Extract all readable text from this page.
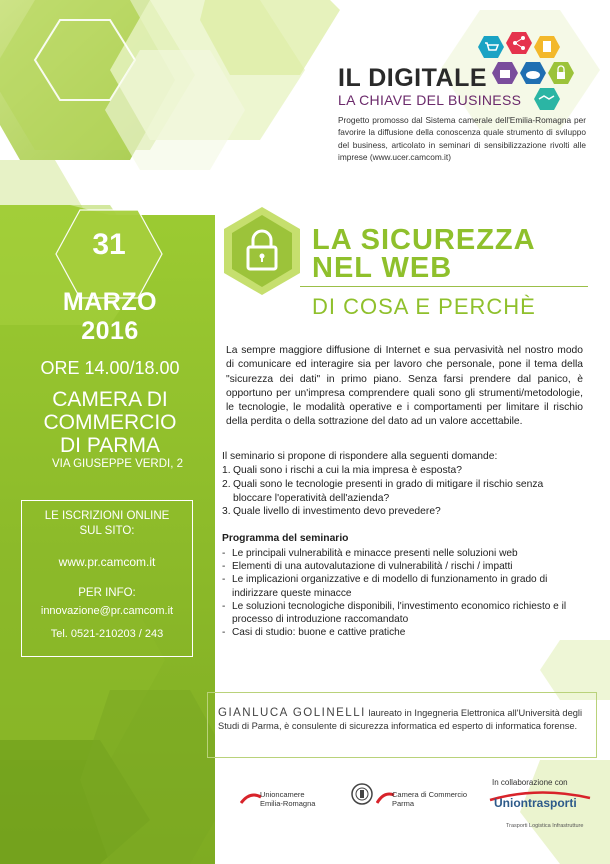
IL DIGITALE
LA CHIAVE DEL BUSINESS
Progetto promosso dal Sistema camerale dell'Emilia-Romagna per favorire la diffusione della conoscenza quale strumento di sviluppo del business, articolato in seminari di sensibilizzazione rivolti alle imprese (www.ucer.camcom.it)
LA SICUREZZA
NEL WEB
DI COSA E PERCHÈ
31
MARZO
2016
ORE 14.00/18.00
CAMERA DI
COMMERCIO
DI PARMA
VIA GIUSEPPE VERDI, 2
LE ISCRIZIONI ONLINE
SUL SITO:
www.pr.camcom.it
PER INFO:
innovazione@pr.camcom.it
Tel. 0521-210203 / 243

La sempre maggiore diffusione di Internet e sua pervasività nel nostro modo di comunicare ed interagire sia per lavoro che personale, pone il tema della "sicurezza dei dati" in primo piano. Senza farsi prendere dal panico, è opportuno per un'impresa comprendere quali sono gli strumenti/metodologie, le tecnologie, le modalità operative e i comportamenti per limitare il rischio della perdita o della sottrazione del dato ad un valore accettabile.

Il seminario si propone di rispondere alla seguenti domande:
1. Quali sono i rischi a cui la mia impresa è esposta?
2. Quali sono le tecnologie presenti in grado di mitigare il rischio senza
bloccare l'operatività dell'azienda?
3. Quale livello di investimento devo prevedere?
Programma del seminario
- Le principali vulnerabilità e minacce presenti nelle soluzioni web
- Elementi di una autovalutazione di vulnerabilità / rischi / impatti
- Le implicazioni organizzative e di modello di funzionamento in grado di indirizzare queste minacce
- Le soluzioni tecnologiche disponibili, l'investimento economico richiesto e il processo di introduzione raccomandato
- Casi di studio: buone e cattive pratiche
GIANLUCA GOLINELLI laureato in Ingegneria Elettronica all'Università degli Studi di Parma, è consulente di sicurezza informatica ed esperto di informatica forense.
Unioncamere
Emilia-Romagna
Camera di Commercio
Parma
In collaborazione con
Uniontrasporti
Trasporti Logistica Infrastrutture
